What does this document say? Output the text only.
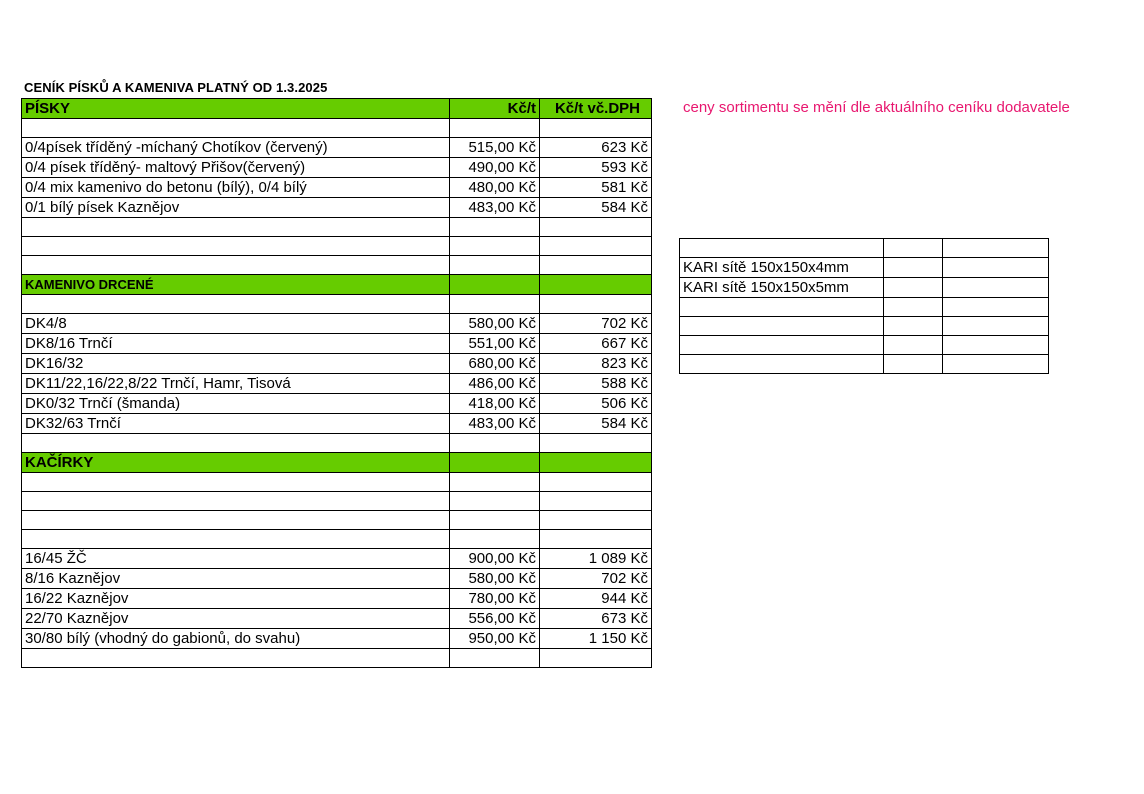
CENÍK PÍSKŮ A KAMENIVA PLATNÝ OD 1.3.2025
ceny sortimentu se mění dle aktuálního ceníku dodavatele
PÍSKY	Kč/t	Kč/t vč.DPH

0/4písek tříděný -míchaný Chotíkov (červený)	515,00 Kč	623 Kč
0/4 písek tříděný- maltový Přišov(červený)	490,00 Kč	593 Kč
0/4 mix kamenivo do betonu (bílý), 0/4 bílý	480,00 Kč	581 Kč
0/1 bílý písek Kaznějov	483,00 Kč	584 Kč

KAMENIVO DRCENÉ		

DK4/8	580,00 Kč	702 Kč
DK8/16 Trnčí	551,00 Kč	667 Kč
DK16/32	680,00 Kč	823 Kč
DK11/22,16/22,8/22 Trnčí, Hamr, Tisová	486,00 Kč	588 Kč
DK0/32 Trnčí (šmanda)	418,00 Kč	506 Kč
DK32/63 Trnčí	483,00 Kč	584 Kč

KAČÍRKY		

16/45 ŽČ	900,00 Kč	1 089 Kč
8/16 Kaznějov	580,00 Kč	702 Kč
16/22 Kaznějov	780,00 Kč	944 Kč
22/70 Kaznějov	556,00 Kč	673 Kč
30/80 bílý (vhodný do gabionů, do svahu)	950,00 Kč	1 150 Kč

KARI sítě 150x150x4mm		
KARI sítě 150x150x5mm		
